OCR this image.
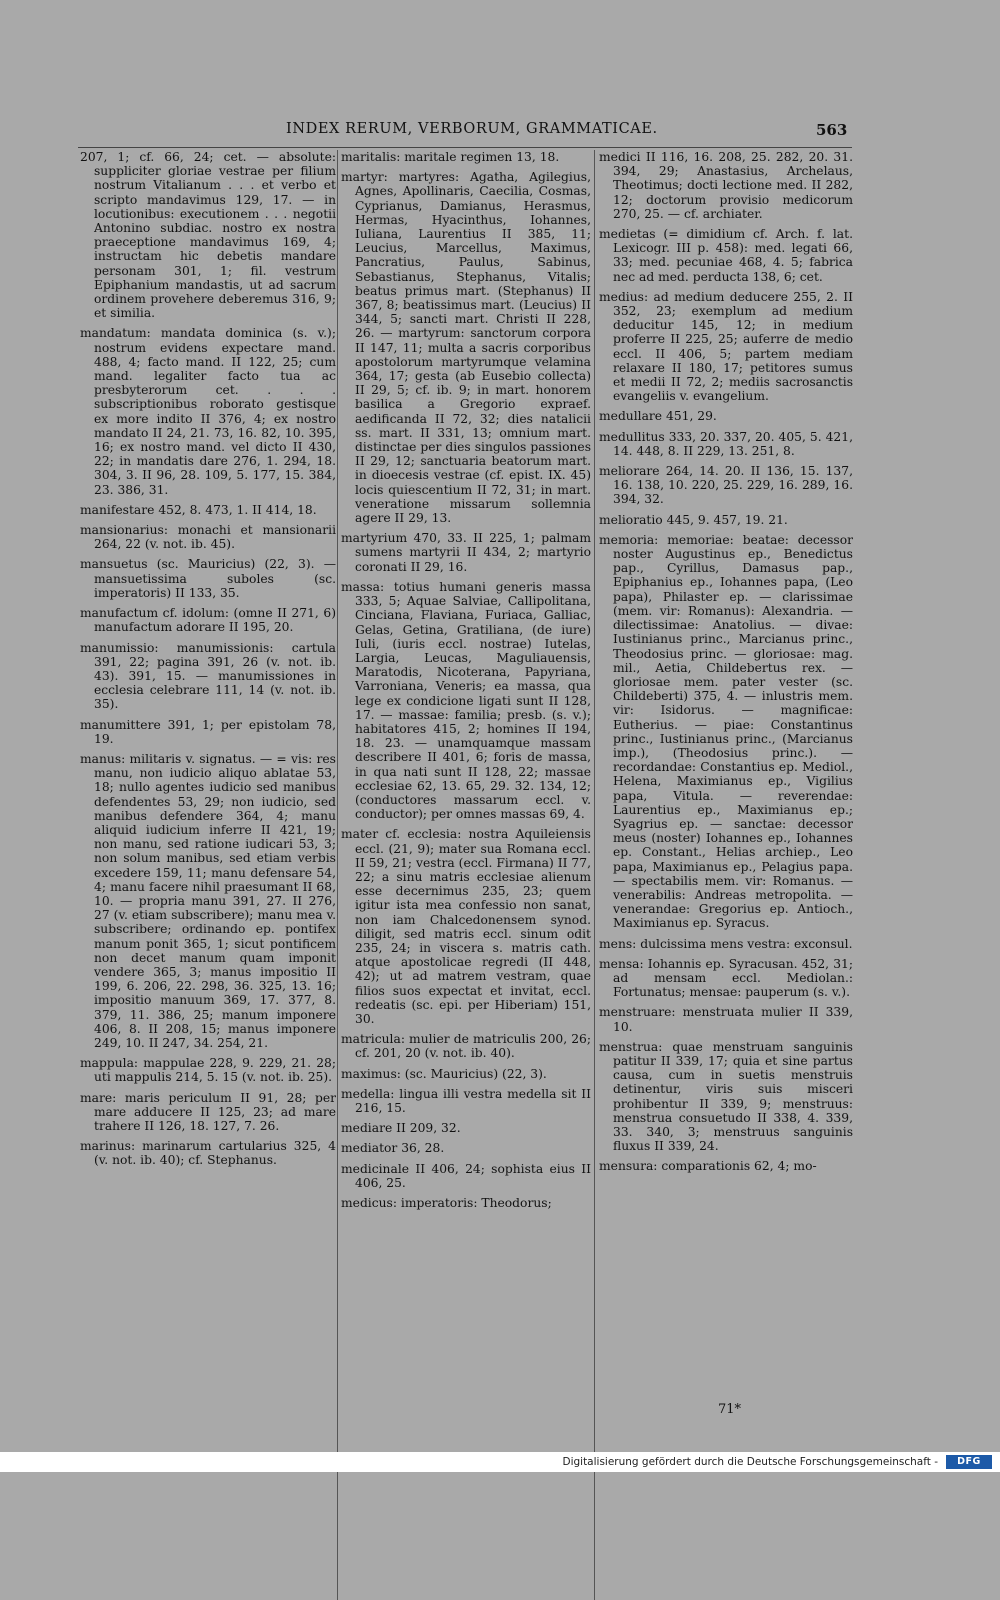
INDEX RERUM, VERBORUM, GRAMMATICAE.	563

207, 1; cf. 66, 24; cet. — absolute: suppliciter gloriae vestrae per filium nostrum Vitalianum . . . et verbo et scripto mandavimus 129, 17. — in locutionibus: executionem . . . negotii Antonino subdiac. nostro ex nostra praeceptione mandavimus 169, 4; instructam hic debetis mandare personam 301, 1; fil. vestrum Epiphanium mandastis, ut ad sacrum ordinem provehere deberemus 316, 9; et similia.

mandatum: mandata dominica (s. v.); nostrum evidens expectare mand. 488, 4; facto mand. II 122, 25; cum mand. legaliter facto tua ac presbyterorum cet. . . . subscriptionibus roborato gestisque ex more indito II 376, 4; ex nostro mandato II 24, 21. 73, 16. 82, 10. 395, 16; ex nostro mand. vel dicto II 430, 22; in mandatis dare 276, 1. 294, 18. 304, 3. II 96, 28. 109, 5. 177, 15. 384, 23. 386, 31.

manifestare 452, 8. 473, 1. II 414, 18.

mansionarius: monachi et mansionarii 264, 22 (v. not. ib. 45).

mansuetus (sc. Mauricius) (22, 3). — mansuetissima suboles (sc. imperatoris) II 133, 35.

manufactum cf. idolum: (omne II 271, 6) manufactum adorare II 195, 20.

manumissio: manumissionis: cartula 391, 22; pagina 391, 26 (v. not. ib. 43). 391, 15. — manumissiones in ecclesia celebrare 111, 14 (v. not. ib. 35).

manumittere 391, 1; per epistolam 78, 19.

manus: militaris v. signatus. — = vis: res manu, non iudicio aliquo ablatae 53, 18; nullo agentes iudicio sed manibus defendentes 53, 29; non iudicio, sed manibus defendere 364, 4; manu aliquid iudicium inferre II 421, 19; non manu, sed ratione iudicari 53, 3; non solum manibus, sed etiam verbis excedere 159, 11; manu defensare 54, 4; manu facere nihil praesumant II 68, 10. — propria manu 391, 27. II 276, 27 (v. etiam subscribere); manu mea v. subscribere; ordinando ep. pontifex manum ponit 365, 1; sicut pontificem non decet manum quam imponit vendere 365, 3; manus impositio II 199, 6. 206, 22. 298, 36. 325, 13. 16; impositio manuum 369, 17. 377, 8. 379, 11. 386, 25; manum imponere 406, 8. II 208, 15; manus imponere 249, 10. II 247, 34. 254, 21.

mappula: mappulae 228, 9. 229, 21. 28; uti mappulis 214, 5. 15 (v. not. ib. 25).

mare: maris periculum II 91, 28; per mare adducere II 125, 23; ad mare trahere II 126, 18. 127, 7. 26.

marinus: marinarum cartularius 325, 4 (v. not. ib. 40); cf. Stephanus.

maritalis: maritale regimen 13, 18.

martyr: martyres: Agatha, Agilegius, Agnes, Apollinaris, Caecilia, Cosmas, Cyprianus, Damianus, Herasmus, Hermas, Hyacinthus, Iohannes, Iuliana, Laurentius II 385, 11; Leucius, Marcellus, Maximus, Pancratius, Paulus, Sabinus, Sebastianus, Stephanus, Vitalis; beatus primus mart. (Stephanus) II 367, 8; beatissimus mart. (Leucius) II 344, 5; sancti mart. Christi II 228, 26. — martyrum: sanctorum corpora II 147, 11; multa a sacris corporibus apostolorum martyrumque velamina 364, 17; gesta (ab Eusebio collecta) II 29, 5; cf. ib. 9; in mart. honorem basilica a Gregorio expraef. aedificanda II 72, 32; dies natalicii ss. mart. II 331, 13; omnium mart. distinctae per dies singulos passiones II 29, 12; sanctuaria beatorum mart. in dioecesis vestrae (cf. epist. IX. 45) locis quiescentium II 72, 31; in mart. veneratione missarum sollemnia agere II 29, 13.

martyrium 470, 33. II 225, 1; palmam sumens martyrii II 434, 2; martyrio coronati II 29, 16.

massa: totius humani generis massa 333, 5; Aquae Salviae, Callipolitana, Cinciana, Flaviana, Furiaca, Galliac, Gelas, Getina, Gratiliana, (de iure) Iuli, (iuris eccl. nostrae) Iutelas, Largia, Leucas, Maguliauensis, Maratodis, Nicoterana, Papyriana, Varroniana, Veneris; ea massa, qua lege ex condicione ligati sunt II 128, 17. — massae: familia; presb. (s. v.); habitatores 415, 2; homines II 194, 18. 23. — unamquamque massam describere II 401, 6; foris de massa, in qua nati sunt II 128, 22; massae ecclesiae 62, 13. 65, 29. 32. 134, 12; (conductores massarum eccl. v. conductor); per omnes massas 69, 4.

mater cf. ecclesia: nostra Aquileiensis eccl. (21, 9); mater sua Romana eccl. II 59, 21; vestra (eccl. Firmana) II 77, 22; a sinu matris ecclesiae alienum esse decernimus 235, 23; quem igitur ista mea confessio non sanat, non iam Chalcedonensem synod. diligit, sed matris eccl. sinum odit 235, 24; in viscera s. matris cath. atque apostolicae regredi (II 448, 42); ut ad matrem vestram, quae filios suos expectat et invitat, eccl. redeatis (sc. epi. per Hiberiam) 151, 30.

matricula: mulier de matriculis 200, 26; cf. 201, 20 (v. not. ib. 40).

maximus: (sc. Mauricius) (22, 3).

medella: lingua illi vestra medella sit II 216, 15.

mediare II 209, 32.

mediator 36, 28.

medicinale II 406, 24; sophista eius II 406, 25.

medicus: imperatoris: Theodorus;

medici II 116, 16. 208, 25. 282, 20. 31. 394, 29; Anastasius, Archelaus, Theotimus; docti lectione med. II 282, 12; doctorum provisio medicorum 270, 25. — cf. archiater.

medietas (= dimidium cf. Arch. f. lat. Lexicogr. III p. 458): med. legati 66, 33; med. pecuniae 468, 4. 5; fabrica nec ad med. perducta 138, 6; cet.

medius: ad medium deducere 255, 2. II 352, 23; exemplum ad medium deducitur 145, 12; in medium proferre II 225, 25; auferre de medio eccl. II 406, 5; partem mediam relaxare II 180, 17; petitores sumus et medii II 72, 2; mediis sacrosanctis evangeliis v. evangelium.

medullare 451, 29.

medullitus 333, 20. 337, 20. 405, 5. 421, 14. 448, 8. II 229, 13. 251, 8.

meliorare 264, 14. 20. II 136, 15. 137, 16. 138, 10. 220, 25. 229, 16. 289, 16. 394, 32.

melioratio 445, 9. 457, 19. 21.

memoria: memoriae: beatae: decessor noster Augustinus ep., Benedictus pap., Cyrillus, Damasus pap., Epiphanius ep., Iohannes papa, (Leo papa), Philaster ep. — clarissimae (mem. vir: Romanus): Alexandria. — dilectissimae: Anatolius. — divae: Iustinianus princ., Marcianus princ., Theodosius princ. — gloriosae: mag. mil., Aetia, Childebertus rex. — gloriosae mem. pater vester (sc. Childeberti) 375, 4. — inlustris mem. vir: Isidorus. — magnificae: Eutherius. — piae: Constantinus princ., Iustinianus princ., (Marcianus imp.), (Theodosius princ.). — recordandae: Constantius ep. Mediol., Helena, Maximianus ep., Vigilius papa, Vitula. — reverendae: Laurentius ep., Maximianus ep.; Syagrius ep. — sanctae: decessor meus (noster) Iohannes ep., Iohannes ep. Constant., Helias archiep., Leo papa, Maximianus ep., Pelagius papa. — spectabilis mem. vir: Romanus. — venerabilis: Andreas metropolita. — venerandae: Gregorius ep. Antioch., Maximianus ep. Syracus.

mens: dulcissima mens vestra: exconsul.

mensa: Iohannis ep. Syracusan. 452, 31; ad mensam eccl. Mediolan.: Fortunatus; mensae: pauperum (s. v.).

menstruare: menstruata mulier II 339, 10.

menstrua: quae menstruam sanguinis patitur II 339, 17; quia et sine partus causa, cum in suetis menstruis detinentur, viris suis misceri prohibentur II 339, 9; menstruus: menstrua consuetudo II 338, 4. 339, 33. 340, 3; menstruus sanguinis fluxus II 339, 24.

mensura: comparationis 62, 4; mo-

71*
Digitalisierung gefördert durch die Deutsche Forschungsgemeinschaft -	DFG
